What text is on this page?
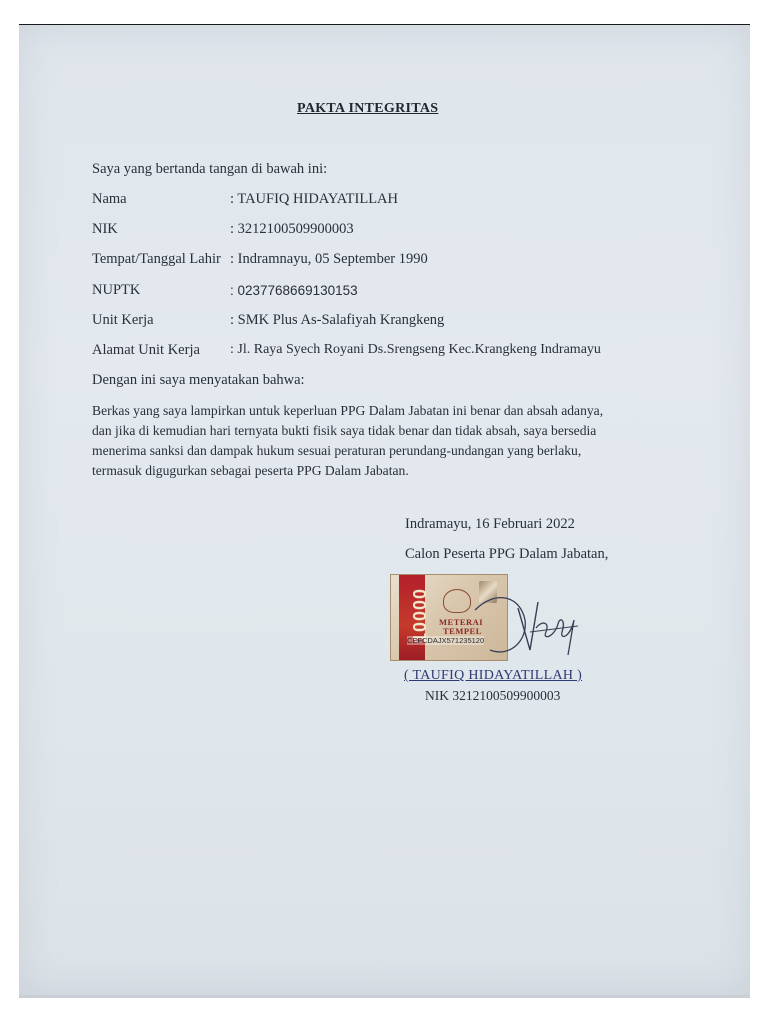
PAKTA INTEGRITAS
Saya yang bertanda tangan di bawah ini:
Nama	: TAUFIQ HIDAYATILLAH
NIK	: 3212100509900003
Tempat/Tanggal Lahir : Indramnayu, 05 September 1990
NUPTK	: 0237768669130153
Unit Kerja	: SMK Plus As-Salafiyah Krangkeng
Alamat Unit Kerja : Jl. Raya Syech Royani Ds.Srengseng Kec.Krangkeng Indramayu
Dengan ini saya menyatakan bahwa:
Berkas yang saya lampirkan untuk keperluan PPG Dalam Jabatan ini benar dan absah adanya,
dan jika di kemudian hari ternyata bukti fisik saya tidak benar dan tidak absah, saya bersedia
menerima sanksi dan dampak hukum sesuai peraturan perundang-undangan yang berlaku,
termasuk digugurkan sebagai peserta PPG Dalam Jabatan.
Indramayu, 16 Februari 2022
Calon Peserta PPG Dalam Jabatan,
10000 METERAI
TEMPEL
CEFCDAJX571235120
( TAUFIQ HIDAYATILLAH )
NIK 3212100509900003
